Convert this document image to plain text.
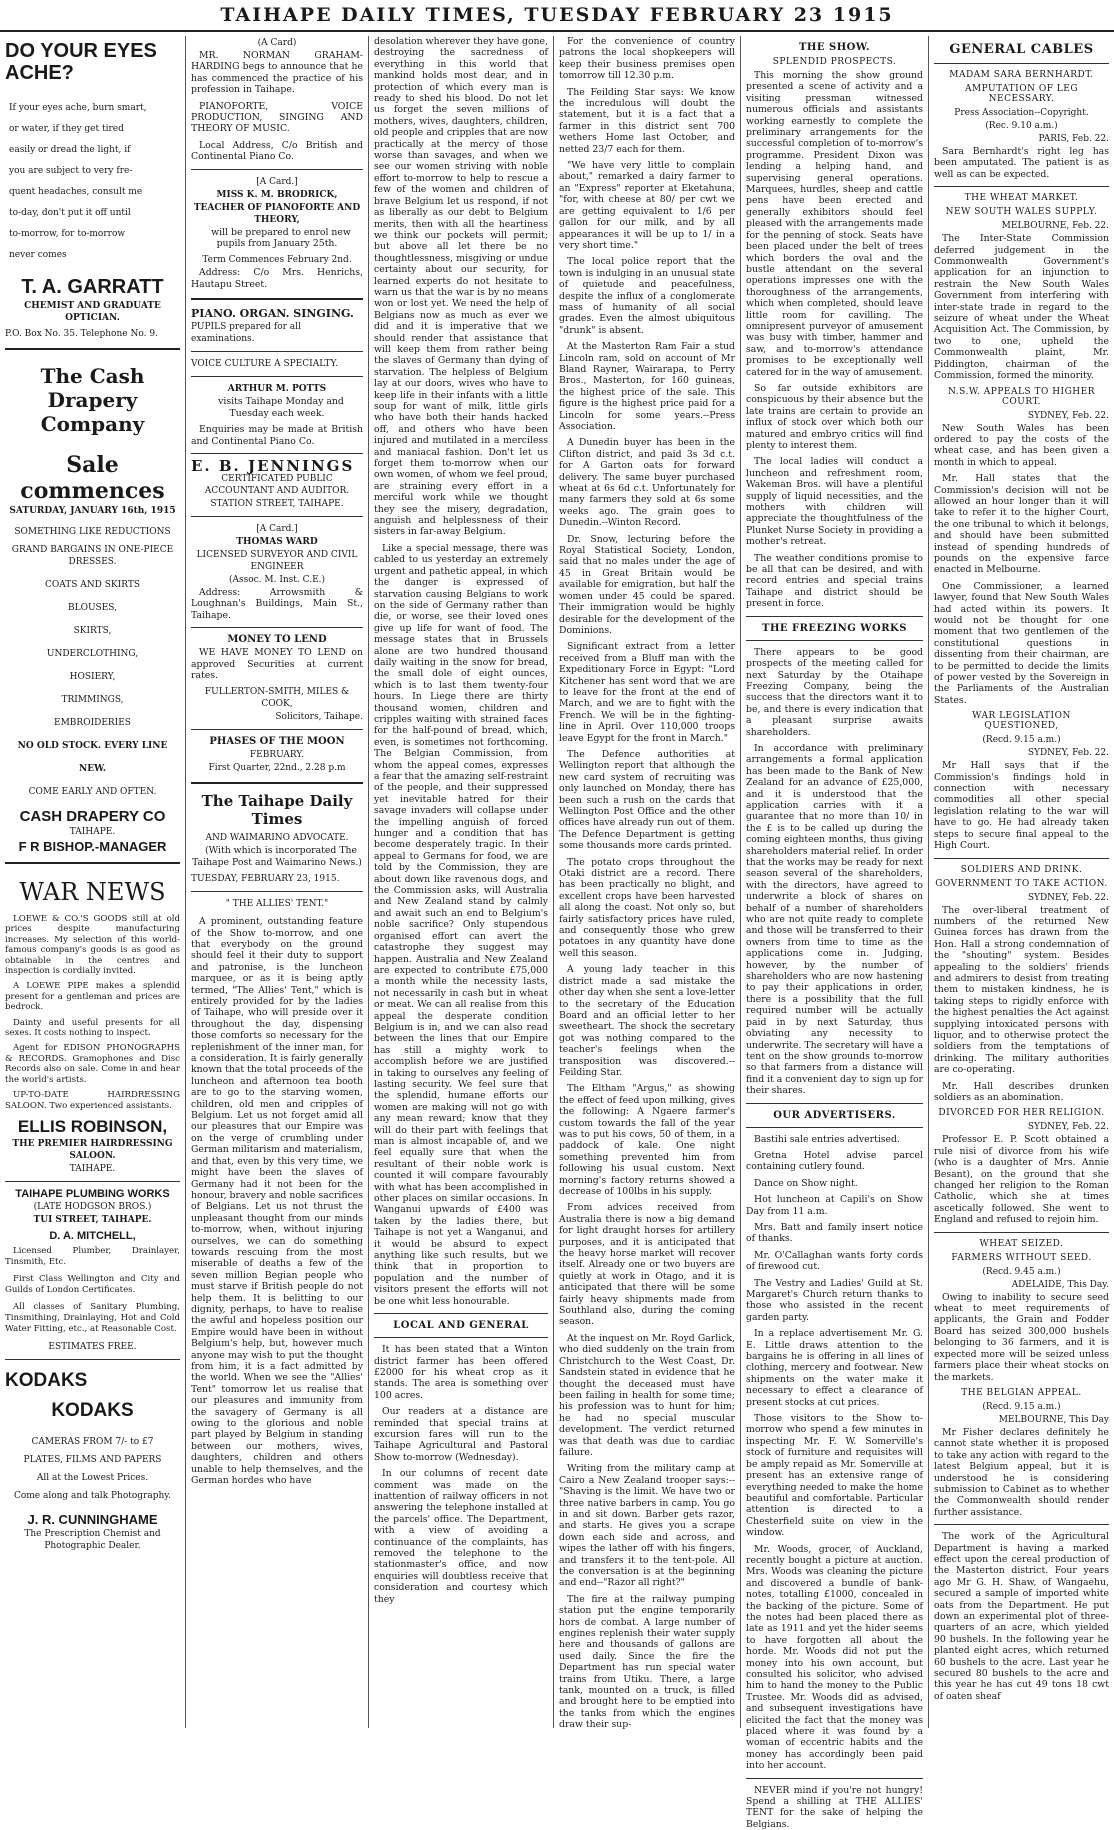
TAIHAPE DAILY TIMES, TUESDAY FEBRUARY 23 1915
DO YOUR EYES ACHE?
If your eyes ache, burn smart,
or water, if they get tired
easily or dread the light, if
you are subject to very fre-
quent headaches, consult me
to-day, don't put it off until
to-morrow, for to-morrow
never comes
T. A. GARRATT
CHEMIST AND GRADUATE OPTICIAN.
P.O. Box No. 35. Telephone No. 9.
The Cash Drapery Company
Sale commences
SATURDAY, JANUARY 16th, 1915
SOMETHING LIKE REDUCTIONS
GRAND BARGAINS IN ONE-PIECE DRESSES.
COATS AND SKIRTS
BLOUSES,
SKIRTS,
UNDERCLOTHING,
HOSIERY,
TRIMMINGS,
EMBROIDERIES
NO OLD STOCK. EVERY LINE NEW.
COME EARLY AND OFTEN.
CASH DRAPERY CO
TAIHAPE.
F R BISHOP.-MANAGER
WAR NEWS

LOEWE & CO.'S GOODS still at old prices despite manufacturing increases. My selection of this world-famous company's goods is as good as obtainable in the centres and inspection is cordially invited.

A LOEWE PIPE makes a splendid present for a gentleman and prices are bedrock.

Dainty and useful presents for all sexes. It costs nothing to inspect.

Agent for EDISON PHONOGRAPHS & RECORDS. Gramophones and Disc Records also on sale. Come in and hear the world's artists.

UP-TO-DATE HAIRDRESSING SALOON. Two experienced assistants.

ELLIS ROBINSON,
THE PREMIER HAIRDRESSING SALOON.
TAIHAPE.
TAIHAPE PLUMBING WORKS
(LATE HODGSON BROS.)
TUI STREET, TAIHAPE.
D. A. MITCHELL,

Licensed Plumber, Drainlayer, Tinsmith, Etc.

First Class Wellington and City and Guilds of London Certificates.

All classes of Sanitary Plumbing, Tinsmithing, Drainlaying, Hot and Cold Water Fitting, etc., at Reasonable Cost.

ESTIMATES FREE.
KODAKS
KODAKS
CAMERAS FROM 7/- to £7
PLATES, FILMS AND PAPERS
All at the Lowest Prices.
Come along and talk Photography.
J. R. CUNNINGHAME
The Prescription Chemist and Photographic Dealer.
(A Card)

MR. NORMAN GRAHAM-HARDING begs to announce that he has commenced the practice of his profession in Taihape.

PIANOFORTE, VOICE PRODUCTION, SINGING AND THEORY OF MUSIC.

Local Address, C/o British and Continental Piano Co.

[A Card.]
MISS K. M. BRODRICK,
TEACHER OF PIANOFORTE AND THEORY,

will be prepared to enrol new pupils from January 25th.

Term Commences February 2nd.

Address: C/o Mrs. Henrichs, Hautapu Street.

PIANO. ORGAN. SINGING.
PUPILS prepared for all examinations.
VOICE CULTURE A SPECIALTY.
ARTHUR M. POTTS

visits Taihape Monday and Tuesday each week.

Enquiries may be made at British and Continental Piano Co.

E. B. JENNINGS
CERTIFICATED PUBLIC ACCOUNTANT AND AUDITOR.
STATION STREET, TAIHAPE.
[A Card.]
THOMAS WARD
LICENSED SURVEYOR AND CIVIL ENGINEER
(Assoc. M. Inst. C.E.)

Address: Arrowsmith & Loughnan's Buildings, Main St., Taihape.

MONEY TO LEND

WE HAVE MONEY TO LEND on approved Securities at current rates.

FULLERTON-SMITH, MILES & COOK,
Solicitors, Taihape.
PHASES OF THE MOON
FEBRUARY.
First Quarter, 22nd., 2.28 p.m
The Taihape Daily Times
AND WAIMARINO ADVOCATE.

(With which is incorporated The Taihape Post and Waimarino News.)

TUESDAY, FEBRUARY 23, 1915.
" THE ALLIES' TENT."

A prominent, outstanding feature of the Show to-morrow, and one that everybody on the ground should feel it their duty to support and patronise, is the luncheon marquee, or as it is being aptly termed, "The Allies' Tent," which is entirely provided for by the ladies of Taihape, who will preside over it throughout the day, dispensing those comforts so necessary for the replenishment of the inner man, for a consideration. It is fairly generally known that the total proceeds of the luncheon and afternoon tea booth are to go to the starving women, children, old men and cripples of Belgium. Let us not forget amid all our pleasures that our Empire was on the verge of crumbling under German militarism and materialism, and that, even by this very time, we might have been the slaves of Germany had it not been for the honour, bravery and noble sacrifices of Belgians. Let us not thrust the unpleasant thought from our minds to-morrow, when, without injuring ourselves, we can do something towards rescuing from the most miserable of deaths a few of the seven million Begian people who must starve if British people do not help them. It is belitting to our dignity, perhaps, to have to realise the awful and hopeless position our Empire would have been in without Belgium's help, but, however much anyone may wish to put the thought from him, it is a fact admitted by the world. When we see the "Allies' Tent" tomorrow let us realise that our pleasures and immunity from the savagery of Germany is all owing to the glorious and noble part played by Belgium in standing between our mothers, wives, daughters, children and others unable to help themselves, and the German hordes who have

desolation wherever they have gone, destroying the sacredness of everything in this world that mankind holds most dear, and in protection of which every man is ready to shed his blood. Do not let us forget the seven millions of mothers, wives, daughters, children, old people and cripples that are now practically at the mercy of those worse than savages, and when we see our women striving with noble effort to-morrow to help to rescue a few of the women and children of brave Belgium let us respond, if not as liberally as our debt to Belgium merits, then with all the heartiness we think our pockets will permit; but above all let there be no thoughtlessness, misgiving or undue certainty about our security, for learned experts do not hesitate to warn us that the war is by no means won or lost yet. We need the help of Belgians now as much as ever we did and it is imperative that we should render that assistance that will keep them from rather being the slaves of Germany than dying of starvation. The helpless of Belgium lay at our doors, wives who have to keep life in their infants with a little soup for want of milk, little girls who have both their hands hacked off, and others who have been injured and mutilated in a merciless and maniacal fashion. Don't let us forget them to-morrow when our own women, of whom we feel proud, are straining every effort in a merciful work while we thought they see the misery, degradation, anguish and helplessness of their sisters in far-away Belgium.

Like a special message, there was cabled to us yesterday an extremely urgent and pathetic appeal, in which the danger is expressed of starvation causing Belgians to work on the side of Germany rather than die, or worse, see their loved ones give up life for want of food. The message states that in Brussels alone are two hundred thousand daily waiting in the snow for bread, the small dole of eight ounces, which is to last them twenty-four hours. In Liege there are thirty thousand women, children and cripples waiting with strained faces for the half-pound of bread, which, even, is sometimes not forthcoming. The Belgian Commission, from whom the appeal comes, expresses a fear that the amazing self-restraint of the people, and their suppressed yet inevitable hatred for their savage invaders will collapse under the impelling anguish of forced hunger and a condition that has become desperately tragic. In their appeal to Germans for food, we are told by the Commission, they are about down like ravenous dogs, and the Commission asks, will Australia and New Zealand stand by calmly and await such an end to Belgium's noble sacrifice? Only stupendous organised effort can avert the catastrophe they suggest may happen. Australia and New Zealand are expected to contribute £75,000 a month while the necessity lasts, not necessarily in cash but in wheat or meat. We can all realise from this appeal the desperate condition Belgium is in, and we can also read between the lines that our Empire has still a mighty work to accomplish before we are justified in taking to ourselves any feeling of lasting security. We feel sure that the splendid, humane efforts our women are making will not go with any mean reward; know that they will do their part with feelings that man is almost incapable of, and we feel equally sure that when the resultant of their noble work is counted it will compare favourably with what has been accomplished in other places on similar occasions. In Wanganui upwards of £400 was taken by the ladies there, but Taihape is not yet a Wanganui, and it would be absurd to expect anything like such results, but we think that in proportion to population and the number of visitors present the efforts will not be one whit less honourable.

LOCAL AND GENERAL

It has been stated that a Winton district farmer has been offered £2000 for his wheat crop as it stands. The area is something over 100 acres.

Our readers at a distance are reminded that special trains at excursion fares will run to the Taihape Agricultural and Pastoral Show to-morrow (Wednesday).

In our columns of recent date comment was made on the inattention of railway officers in not answering the telephone installed at the parcels' office. The Department, with a view of avoiding a continuance of the complaints, has removed the telephone to the stationmaster's office, and now enquiries will doubtless receive that consideration and courtesy which they

For the convenience of country patrons the local shopkeepers will keep their business premises open tomorrow till 12.30 p.m.

The Feilding Star says: We know the incredulous will doubt the statement, but it is a fact that a farmer in this district sent 700 wethers Home last October, and netted 23/7 each for them.

"We have very little to complain about," remarked a dairy farmer to an "Express" reporter at Eketahuna, "for, with cheese at 80/ per cwt we are getting equivalent to 1/6 per gallon for our milk, and by all appearances it will be up to 1/ in a very short time."

The local police report that the town is indulging in an unusual state of quietude and peacefulness, despite the influx of a conglomerate mass of humanity of all social grades. Even the almost ubiquitous "drunk" is absent.

At the Masterton Ram Fair a stud Lincoln ram, sold on account of Mr Bland Rayner, Wairarapa, to Perry Bros., Masterton, for 160 guineas, the highest price of the sale. This figure is the highest price paid for a Lincoln for some years.--Press Association.

A Dunedin buyer has been in the Clifton district, and paid 3s 3d c.t. for A Garton oats for forward delivery. The same buyer purchased wheat at 6s 6d c.t. Unfortunately for many farmers they sold at 6s some weeks ago. The grain goes to Dunedin.--Winton Record.

Dr. Snow, lecturing before the Royal Statistical Society, London, said that no males under the age of 45 in Great Britain would be available for emigration, but half the women under 45 could be spared. Their immigration would be highly desirable for the development of the Dominions.

Significant extract from a letter received from a Bluff man with the Expeditionary Force in Egypt: "Lord Kitchener has sent word that we are to leave for the front at the end of March, and we are to fight with the French. We will be in the fighting-line in April. Over 110,000 troops leave Egypt for the front in March."

The Defence authorities at Wellington report that although the new card system of recruiting was only launched on Monday, there has been such a rush on the cards that Wellington Post Office and the other offices have already run out of them. The Defence Department is getting some thousands more cards printed.

The potato crops throughout the Otaki district are a record. There has been practically no blight, and excellent crops have been harvested all along the coast. Not only so, but fairly satisfactory prices have ruled, and consequently those who grew potatoes in any quantity have done well this season.

A young lady teacher in this district made a sad mistake the other day when she sent a love-letter to the secretary of the Education Board and an official letter to her sweetheart. The shock the secretary got was nothing compared to the teacher's feelings when the transposition was discovered.--Feilding Star.

The Eltham "Argus," as showing the effect of feed upon milking, gives the following: A Ngaere farmer's custom towards the fall of the year was to put his cows, 50 of them, in a paddock of kale. One night something prevented him from following his usual custom. Next morning's factory returns showed a decrease of 100lbs in his supply.

From advices received from Australia there is now a big demand for light draught horses for artillery purposes, and it is anticipated that the heavy horse market will recover itself. Already one or two buyers are quietly at work in Otago, and it is anticipated that there will be some fairly heavy shipments made from Southland also, during the coming season.

At the inquest on Mr. Royd Garlick, who died suddenly on the train from Christchurch to the West Coast, Dr. Sandstein stated in evidence that he thought the deceased must have been failing in health for some time; his profession was to hunt for him; he had no special muscular development. The verdict returned was that death was due to cardiac failure.

Writing from the military camp at Cairo a New Zealand trooper says:--"Shaving is the limit. We have two or three native barbers in camp. You go in and sit down. Barber gets razor, and starts. He gives you a scrape down each side and across, and wipes the lather off with his fingers, and transfers it to the tent-pole. All the conversation is at the beginning and end--"Razor all right?"

The fire at the railway pumping station put the engine temporarily hors de combat. A large number of engines replenish their water supply here and thousands of gallons are used daily. Since the fire the Department has run special water trains from Utiku. There, a large tank, mounted on a truck, is filled and brought here to be emptied into the tanks from which the engines draw their sup-

THE SHOW.
SPLENDID PROSPECTS.

This morning the show ground presented a scene of activity and a visiting pressman witnessed numerous officials and assistants working earnestly to complete the preliminary arrangements for the successful completion of to-morrow's programme. President Dixon was lending a helping hand, and supervising general operations. Marquees, hurdles, sheep and cattle pens have been erected and generally exhibitors should feel pleased with the arrangements made for the penning of stock. Seats have been placed under the belt of trees which borders the oval and the bustle attendant on the several operations impresses one with the thoroughness of the arrangements, which when completed, should leave little room for cavilling. The omnipresent purveyor of amusement was busy with timber, hammer and saw, and to-morrow's attendance promises to be exceptionally well catered for in the way of amusement.

So far outside exhibitors are conspicuous by their absence but the late trains are certain to provide an influx of stock over which both our matured and embryo critics will find plenty to interest them.

The local ladies will conduct a luncheon and refreshment room, Wakeman Bros. will have a plentiful supply of liquid necessities, and the mothers with children will appreciate the thoughtfulness of the Plunket Nurse Society in providing a mother's retreat.

The weather conditions promise to be all that can be desired, and with record entries and special trains Taihape and district should be present in force.

THE FREEZING WORKS

There appears to be good prospects of the meeting called for next Saturday by the Otaihape Freezing Company, being the success that the directors want it to be, and there is every indication that a pleasant surprise awaits shareholders.

In accordance with preliminary arrangements a formal application has been made to the Bank of New Zealand for an advance of £25,000, and it is understood that the application carries with it a guarantee that no more than 10/ in the £ is to be called up during the coming eighteen months, thus giving shareholders material relief. In order that the works may be ready for next season several of the shareholders, with the directors, have agreed to underwrite a block of shares on behalf of a number of shareholders who are not quite ready to complete and those will be transferred to their owners from time to time as the applications come in. Judging, however, by the number of shareholders who are now hastening to pay their applications in order, there is a possibility that the full required number will be actually paid in by next Saturday, thus obviating any necessity to underwrite. The secretary will have a tent on the show grounds to-morrow so that farmers from a distance will find it a convenient day to sign up for their shares.

OUR ADVERTISERS.

Bastihi sale entries advertised.

Gretna Hotel advise parcel containing cutlery found.

Dance on Show night.

Hot luncheon at Capili's on Show Day from 11 a.m.

Mrs. Batt and family insert notice of thanks.

Mr. O'Callaghan wants forty cords of firewood cut.

The Vestry and Ladies' Guild at St. Margaret's Church return thanks to those who assisted in the recent garden party.

In a replace advertisement Mr. G. E. Little draws attention to the bargains he is offering in all lines of clothing, mercery and footwear. New shipments on the water make it necessary to effect a clearance of present stocks at cut prices.

Those visitors to the Show to-morrow who spend a few minutes in inspecting Mr. F. W. Somerville's stock of furniture and requisites will be amply repaid as Mr. Somerville at present has an extensive range of everything needed to make the home beautiful and comfortable. Particular attention is directed to a Chesterfield suite on view in the window.

Mr. Woods, grocer, of Auckland, recently bought a picture at auction. Mrs. Woods was cleaning the picture and discovered a bundle of bank-notes, totalling £1000, concealed in the backing of the picture. Some of the notes had been placed there as late as 1911 and yet the hider seems to have forgotten all about the horde. Mr. Woods did not put the money into his own account, but consulted his solicitor, who advised him to hand the money to the Public Trustee. Mr. Woods did as advised, and subsequent investigations have elicited the fact that the money was placed where it was found by a woman of eccentric habits and the money has accordingly been paid into her account.

NEVER mind if you're not hungry! Spend a shilling at THE ALLIES' TENT for the sake of helping the Belgians.

GENERAL CABLES
MADAM SARA BERNHARDT.
AMPUTATION OF LEG NECESSARY.
Press Association--Copyright.
(Rec. 9.10 a.m.)
PARIS, Feb. 22.

Sara Bernhardt's right leg has been amputated. The patient is as well as can be expected.

THE WHEAT MARKET.
NEW SOUTH WALES SUPPLY.
MELBOURNE, Feb. 22.

The Inter-State Commission deferred judgement in the Commonwealth Government's application for an injunction to restrain the New South Wales Government from interfering with inter-state trade in regard to the seizure of wheat under the Wheat Acquisition Act. The Commission, by two to one, upheld the Commonwealth plaint, Mr. Piddington, chairman of the Commission, formed the minority.

N.S.W. APPEALS TO HIGHER COURT.
SYDNEY, Feb. 22.

New South Wales has been ordered to pay the costs of the wheat case, and has been given a month in which to appeal.

Mr. Hall states that the Commission's decision will not be allowed an hour longer than it will take to refer it to the higher Court, the one tribunal to which it belongs, and should have been submitted instead of spending hundreds of pounds on the expensive farce enacted in Melbourne.

One Commissioner, a learned lawyer, found that New South Wales had acted within its powers. It would not be thought for one moment that two gentlemen of the constitutional questions in dissenting from their chairman, are to be permitted to decide the limits of power vested by the Sovereign in the Parliaments of the Australian States.

WAR LEGISLATION QUESTIONED,
(Recd. 9.15 a.m.)
SYDNEY, Feb. 22.

Mr Hall says that if the Commission's findings hold in connection with necessary commodities all other special legislation relating to the war will have to go. He had already taken steps to secure final appeal to the High Court.

SOLDIERS AND DRINK.
GOVERNMENT TO TAKE ACTION.
SYDNEY, Feb. 22.

The over-liberal treatment of numbers of the returned New Guinea forces has drawn from the Hon. Hall a strong condemnation of the "shouting" system. Besides appealing to the soldiers' friends and admirers to desist from treating them to mistaken kindness, he is taking steps to rigidly enforce with the highest penalties the Act against supplying intoxicated persons with liquor, and to otherwise protect the soldiers from the temptations of drinking. The military authorities are co-operating.

Mr. Hall describes drunken soldiers as an abomination.

DIVORCED FOR HER RELIGION.
SYDNEY, Feb. 22.

Professor E. P. Scott obtained a rule nisi of divorce from his wife (who is a daughter of Mrs. Annie Besant), on the ground that she changed her religion to the Roman Catholic, which she at times ascetically followed. She went to England and refused to rejoin him.

WHEAT SEIZED.
FARMERS WITHOUT SEED.
(Recd. 9.45 a.m.)
ADELAIDE, This Day.

Owing to inability to secure seed wheat to meet requirements of applicants, the Grain and Fodder Board has seized 300,000 bushels belonging to 36 farmers, and it is expected more will be seized unless farmers place their wheat stocks on the markets.

THE BELGIAN APPEAL.
(Recd. 9.15 a.m.)
MELBOURNE, This Day

Mr Fisher declares definitely he cannot state whether it is proposed to take any action with regard to the latest Belgium appeal, but it is understood he is considering submission to Cabinet as to whether the Commonwealth should render further assistance.

The work of the Agricultural Department is having a marked effect upon the cereal production of the Masterton district. Four years ago Mr G. H. Shaw, of Wangaehu, secured a sample of imported white oats from the Department. He put down an experimental plot of three-quarters of an acre, which yielded 90 bushels. In the following year he planted eight acres, which returned 60 bushels to the acre. Last year he secured 80 bushels to the acre and this year he has cut 49 tons 18 cwt of oaten sheaf
